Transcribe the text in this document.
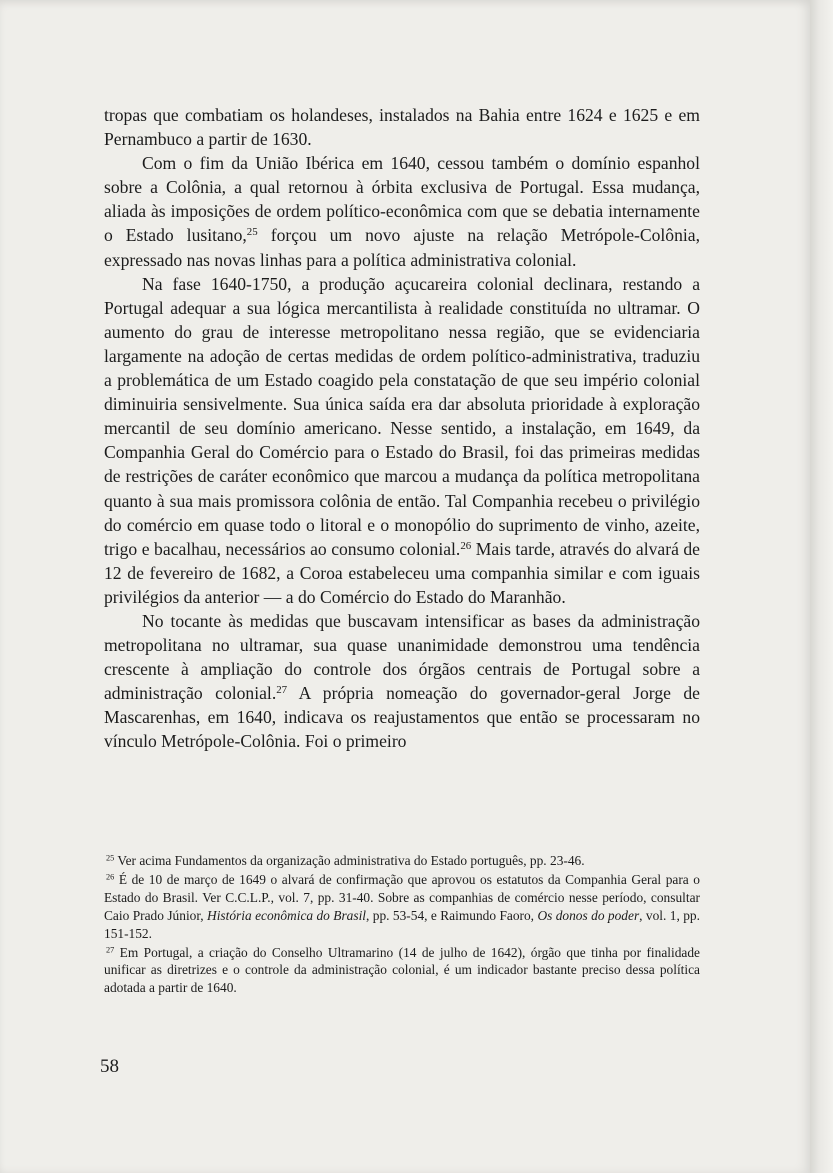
tropas que combatiam os holandeses, instalados na Bahia entre 1624 e 1625 e em Pernambuco a partir de 1630.

Com o fim da União Ibérica em 1640, cessou também o domínio espanhol sobre a Colônia, a qual retornou à órbita exclusiva de Portugal. Essa mudança, aliada às imposições de ordem político-econômica com que se debatia internamente o Estado lusitano,$^{25}$ forçou um novo ajuste na relação Metrópole-Colônia, expressado nas novas linhas para a política administrativa colonial.

Na fase 1640-1750, a produção açucareira colonial declinara, restando a Portugal adequar a sua lógica mercantilista à realidade constituída no ultramar. O aumento do grau de interesse metropolitano nessa região, que se evidenciaria largamente na adoção de certas medidas de ordem político-administrativa, traduziu a problemática de um Estado coagido pela constatação de que seu império colonial diminuiria sensivelmente. Sua única saída era dar absoluta prioridade à exploração mercantil de seu domínio americano. Nesse sentido, a instalação, em 1649, da Companhia Geral do Comércio para o Estado do Brasil, foi das primeiras medidas de restrições de caráter econômico que marcou a mudança da política metropolitana quanto à sua mais promissora colônia de então. Tal Companhia recebeu o privilégio do comércio em quase todo o litoral e o monopólio do suprimento de vinho, azeite, trigo e bacalhau, necessários ao consumo colonial.$^{26}$ Mais tarde, através do alvará de 12 de fevereiro de 1682, a Coroa estabeleceu uma companhia similar e com iguais privilégios da anterior — a do Comércio do Estado do Maranhão.

No tocante às medidas que buscavam intensificar as bases da administração metropolitana no ultramar, sua quase unanimidade demonstrou uma tendência crescente à ampliação do controle dos órgãos centrais de Portugal sobre a administração colonial.$^{27}$ A própria nomeação do governador-geral Jorge de Mascarenhas, em 1640, indicava os reajustamentos que então se processaram no vínculo Metrópole-Colônia. Foi o primeiro

$^{25}$ Ver acima Fundamentos da organização administrativa do Estado português, pp. 23-46.

$^{26}$ É de 10 de março de 1649 o alvará de confirmação que aprovou os estatutos da Companhia Geral para o Estado do Brasil. Ver C.C.L.P., vol. 7, pp. 31-40. Sobre as companhias de comércio nesse período, consultar Caio Prado Júnior, História econômica do Brasil, pp. 53-54, e Raimundo Faoro, Os donos do poder, vol. 1, pp. 151-152.

$^{27}$ Em Portugal, a criação do Conselho Ultramarino (14 de julho de 1642), órgão que tinha por finalidade unificar as diretrizes e o controle da administração colonial, é um indicador bastante preciso dessa política adotada a partir de 1640.

58
